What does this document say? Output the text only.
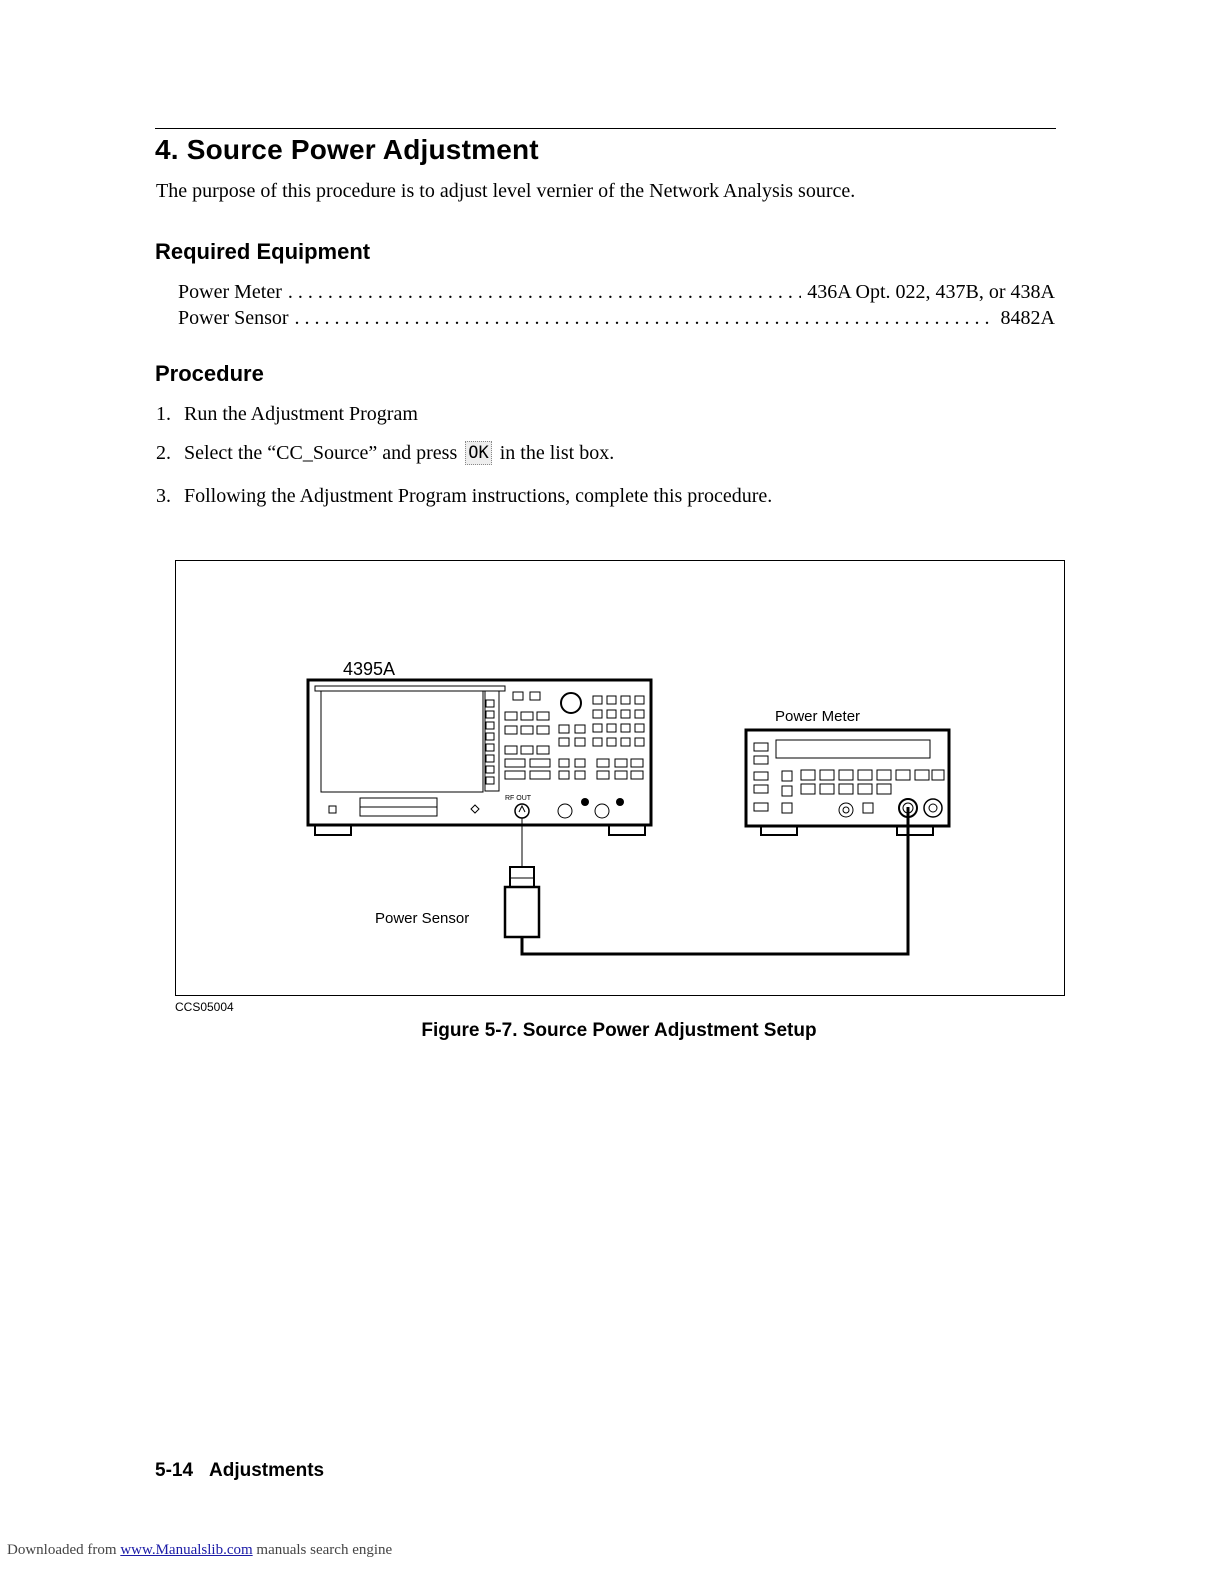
4. Source Power Adjustment
The purpose of this procedure is to adjust level vernier of the Network Analysis source.
Required Equipment
Power Meter . . .	436A Opt. 022, 437B, or 438A
Power Sensor . . .	8482A
Procedure
1. Run the Adjustment Program
2. Select the “CC_Source” and press OK in the list box.
3. Following the Adjustment Program instructions, complete this procedure.
4395A
RF OUT
Power Sensor
Power Meter
CCS05004
Figure 5-7. Source Power Adjustment Setup
5-14 Adjustments
Downloaded from www.Manualslib.com manuals search engine
